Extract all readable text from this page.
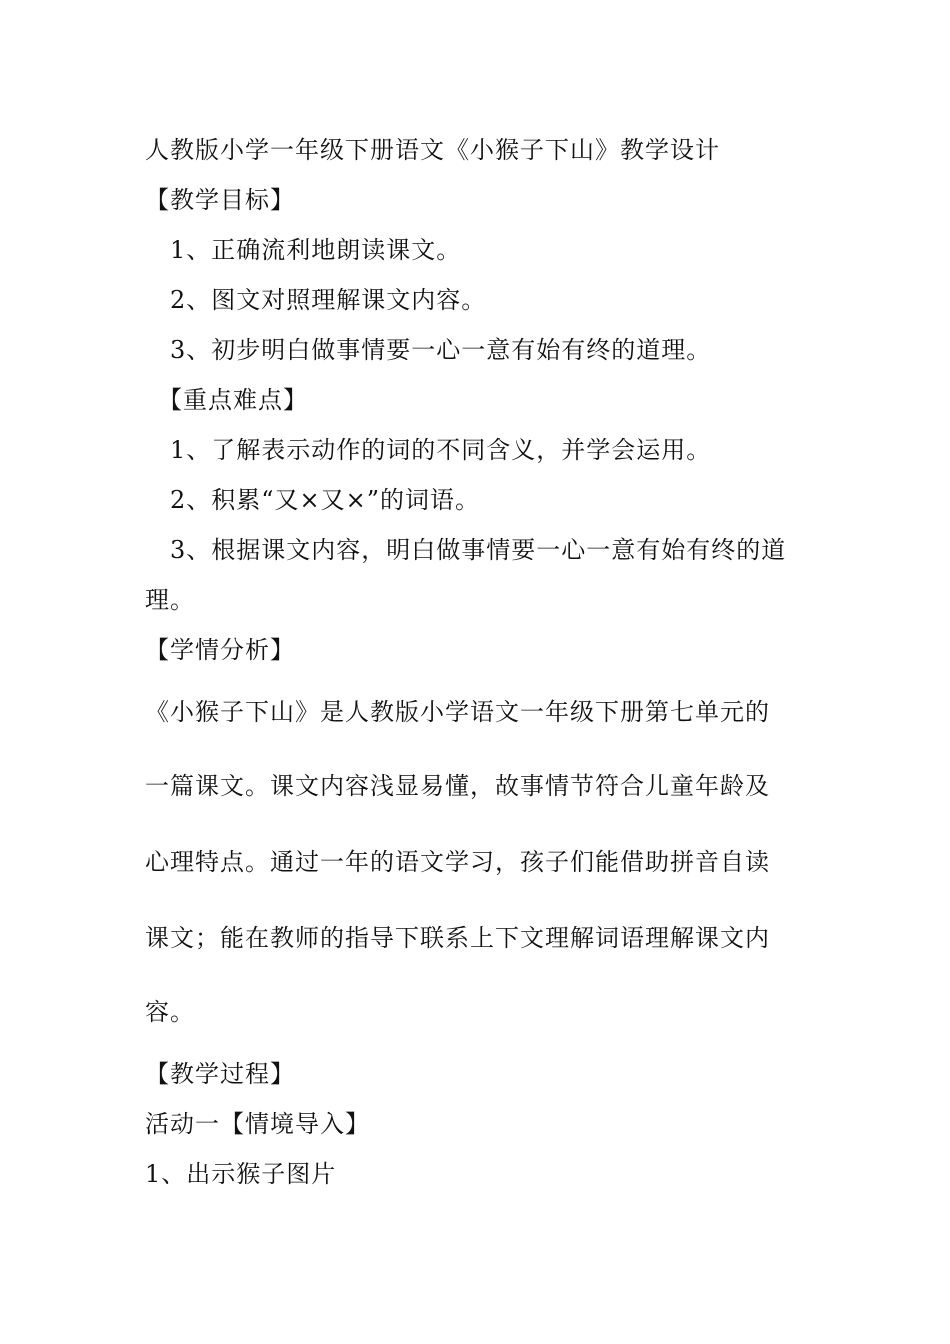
人教版小学一年级下册语文《小猴子下山》教学设计
【教学目标】
1、正确流利地朗读课文。
2、图文对照理解课文内容。
3、初步明白做事情要一心一意有始有终的道理。
【重点难点】
1、了解表示动作的词的不同含义，并学会运用。
2、积累“又×又×”的词语。
3、根据课文内容，明白做事情要一心一意有始有终的道
理。
【学情分析】
《小猴子下山》是人教版小学语文一年级下册第七单元的
一篇课文。课文内容浅显易懂，故事情节符合儿童年龄及
心理特点。通过一年的语文学习，孩子们能借助拼音自读
课文；能在教师的指导下联系上下文理解词语理解课文内
容。
【教学过程】
活动一【情境导入】
1、出示猴子图片
